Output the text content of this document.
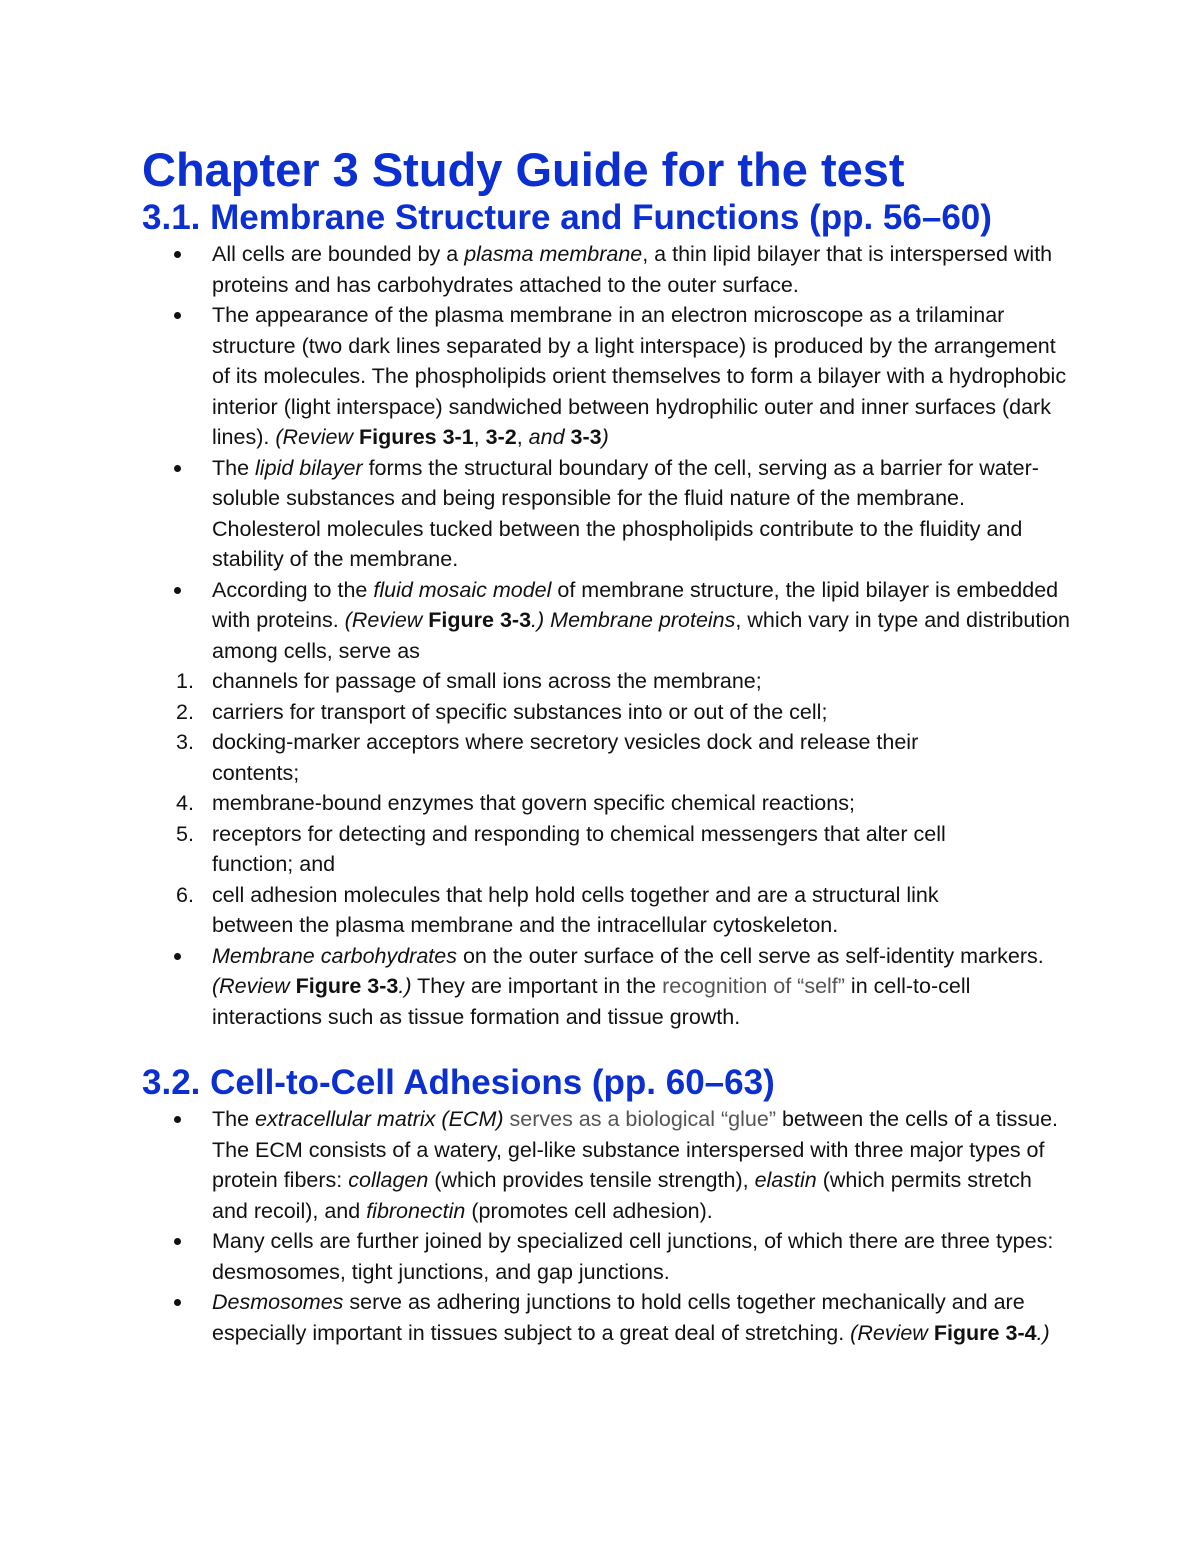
Chapter 3 Study Guide for the test
3.1. Membrane Structure and Functions (pp. 56–60)
All cells are bounded by a plasma membrane, a thin lipid bilayer that is interspersed with proteins and has carbohydrates attached to the outer surface.
The appearance of the plasma membrane in an electron microscope as a trilaminar structure (two dark lines separated by a light interspace) is produced by the arrangement of its molecules. The phospholipids orient themselves to form a bilayer with a hydrophobic interior (light interspace) sandwiched between hydrophilic outer and inner surfaces (dark lines). (Review Figures 3-1, 3-2, and 3-3)
The lipid bilayer forms the structural boundary of the cell, serving as a barrier for water-soluble substances and being responsible for the fluid nature of the membrane. Cholesterol molecules tucked between the phospholipids contribute to the fluidity and stability of the membrane.
According to the fluid mosaic model of membrane structure, the lipid bilayer is embedded with proteins. (Review Figure 3-3.) Membrane proteins, which vary in type and distribution among cells, serve as
1. channels for passage of small ions across the membrane;
2. carriers for transport of specific substances into or out of the cell;
3. docking-marker acceptors where secretory vesicles dock and release their contents;
4. membrane-bound enzymes that govern specific chemical reactions;
5. receptors for detecting and responding to chemical messengers that alter cell function; and
6. cell adhesion molecules that help hold cells together and are a structural link between the plasma membrane and the intracellular cytoskeleton.
Membrane carbohydrates on the outer surface of the cell serve as self-identity markers. (Review Figure 3-3.) They are important in the recognition of “self” in cell-to-cell interactions such as tissue formation and tissue growth.
3.2. Cell-to-Cell Adhesions (pp. 60–63)
The extracellular matrix (ECM) serves as a biological “glue” between the cells of a tissue. The ECM consists of a watery, gel-like substance interspersed with three major types of protein fibers: collagen (which provides tensile strength), elastin (which permits stretch and recoil), and fibronectin (promotes cell adhesion).
Many cells are further joined by specialized cell junctions, of which there are three types: desmosomes, tight junctions, and gap junctions.
Desmosomes serve as adhering junctions to hold cells together mechanically and are especially important in tissues subject to a great deal of stretching. (Review Figure 3-4.)
